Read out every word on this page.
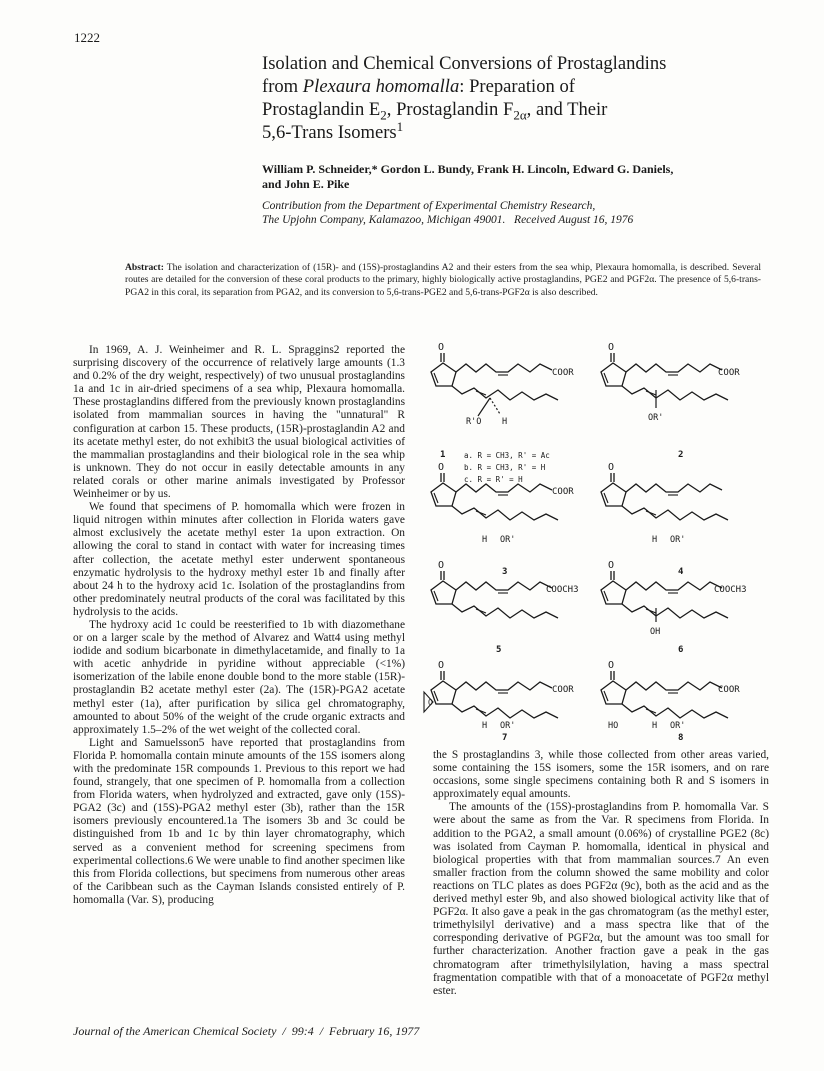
1222
Isolation and Chemical Conversions of Prostaglandins
from Plexaura homomalla: Preparation of
Prostaglandin $E_2$, Prostaglandin $F_{2\alpha}$, and Their
5,6-Trans Isomers$^1$
William P. Schneider,* Gordon L. Bundy, Frank H. Lincoln, Edward G. Daniels,
and John E. Pike
Contribution from the Department of Experimental Chemistry Research,
The Upjohn Company, Kalamazoo, Michigan 49001.   Received August 16, 1976
Abstract: The isolation and characterization of (15R)- and (15S)-prostaglandins A2 and their esters from the sea whip, Plexaura homomalla, is described. Several routes are detailed for the conversion of these coral products to the primary, highly biologically active prostaglandins, PGE2 and PGF2α. The presence of 5,6-trans-PGA2 in this coral, its separation from PGA2, and its conversion to 5,6-trans-PGE2 and 5,6-trans-PGF2α is also described.

In 1969, A. J. Weinheimer and R. L. Spraggins2 reported the surprising discovery of the occurrence of relatively large amounts (1.3 and 0.2% of the dry weight, respectively) of two unusual prostaglandins 1a and 1c in air-dried specimens of a sea whip, Plexaura homomalla. These prostaglandins differed from the previously known prostaglandins isolated from mammalian sources in having the "unnatural" R configuration at carbon 15. These products, (15R)-prostaglandin A2 and its acetate methyl ester, do not exhibit3 the usual biological activities of the mammalian prostaglandins and their biological role in the sea whip is unknown. They do not occur in easily detectable amounts in any related corals or other marine animals investigated by Professor Weinheimer or by us.

We found that specimens of P. homomalla which were frozen in liquid nitrogen within minutes after collection in Florida waters gave almost exclusively the acetate methyl ester 1a upon extraction. On allowing the coral to stand in contact with water for increasing times after collection, the acetate methyl ester underwent spontaneous enzymatic hydrolysis to the hydroxy methyl ester 1b and finally after about 24 h to the hydroxy acid 1c. Isolation of the prostaglandins from other predominately neutral products of the coral was facilitated by this hydrolysis to the acids.

The hydroxy acid 1c could be reesterified to 1b with diazomethane or on a larger scale by the method of Alvarez and Watt4 using methyl iodide and sodium bicarbonate in dimethylacetamide, and finally to 1a with acetic anhydride in pyridine without appreciable (<1%) isomerization of the labile enone double bond to the more stable (15R)-prostaglandin B2 acetate methyl ester (2a). The (15R)-PGA2 acetate methyl ester (1a), after purification by silica gel chromatography, amounted to about 50% of the weight of the crude organic extracts and approximately 1.5–2% of the wet weight of the collected coral.

Light and Samuelsson5 have reported that prostaglandins from Florida P. homomalla contain minute amounts of the 15S isomers along with the predominate 15R compounds 1. Previous to this report we had found, strangely, that one specimen of P. homomalla from a collection from Florida waters, when hydrolyzed and extracted, gave only (15S)-PGA2 (3c) and (15S)-PGA2 methyl ester (3b), rather than the 15R isomers previously encountered.1a The isomers 3b and 3c could be distinguished from 1b and 1c by thin layer chromatography, which served as a convenient method for screening specimens from experimental collections.6 We were unable to find another specimen like this from Florida collections, but specimens from numerous other areas of the Caribbean such as the Cayman Islands consisted entirely of P. homomalla (Var. S), producing

O
COOR
R'O H
1 a. R = CH3, R' = Ac
b. R = CH3, R' = H
c. R = R' = H
COOR
OR'
2
COOR
H OR'
3
H OR'
4
COOCH3
5
COOCH3
OH
6
COOR
O
H OR'
7
COOR
HO	H OR'
8

the S prostaglandins 3, while those collected from other areas varied, some containing the 15S isomers, some the 15R isomers, and on rare occasions, some single specimens containing both R and S isomers in approximately equal amounts.

The amounts of the (15S)-prostaglandins from P. homomalla Var. S were about the same as from the Var. R specimens from Florida. In addition to the PGA2, a small amount (0.06%) of crystalline PGE2 (8c) was isolated from Cayman P. homomalla, identical in physical and biological properties with that from mammalian sources.7 An even smaller fraction from the column showed the same mobility and color reactions on TLC plates as does PGF2α (9c), both as the acid and as the derived methyl ester 9b, and also showed biological activity like that of PGF2α. It also gave a peak in the gas chromatogram (as the methyl ester, trimethylsilyl derivative) and a mass spectra like that of the corresponding derivative of PGF2α, but the amount was too small for further characterization. Another fraction gave a peak in the gas chromatogram after trimethylsilylation, having a mass spectral fragmentation compatible with that of a monoacetate of PGF2α methyl ester.

Journal of the American Chemical Society  /  99:4  /  February 16, 1977
